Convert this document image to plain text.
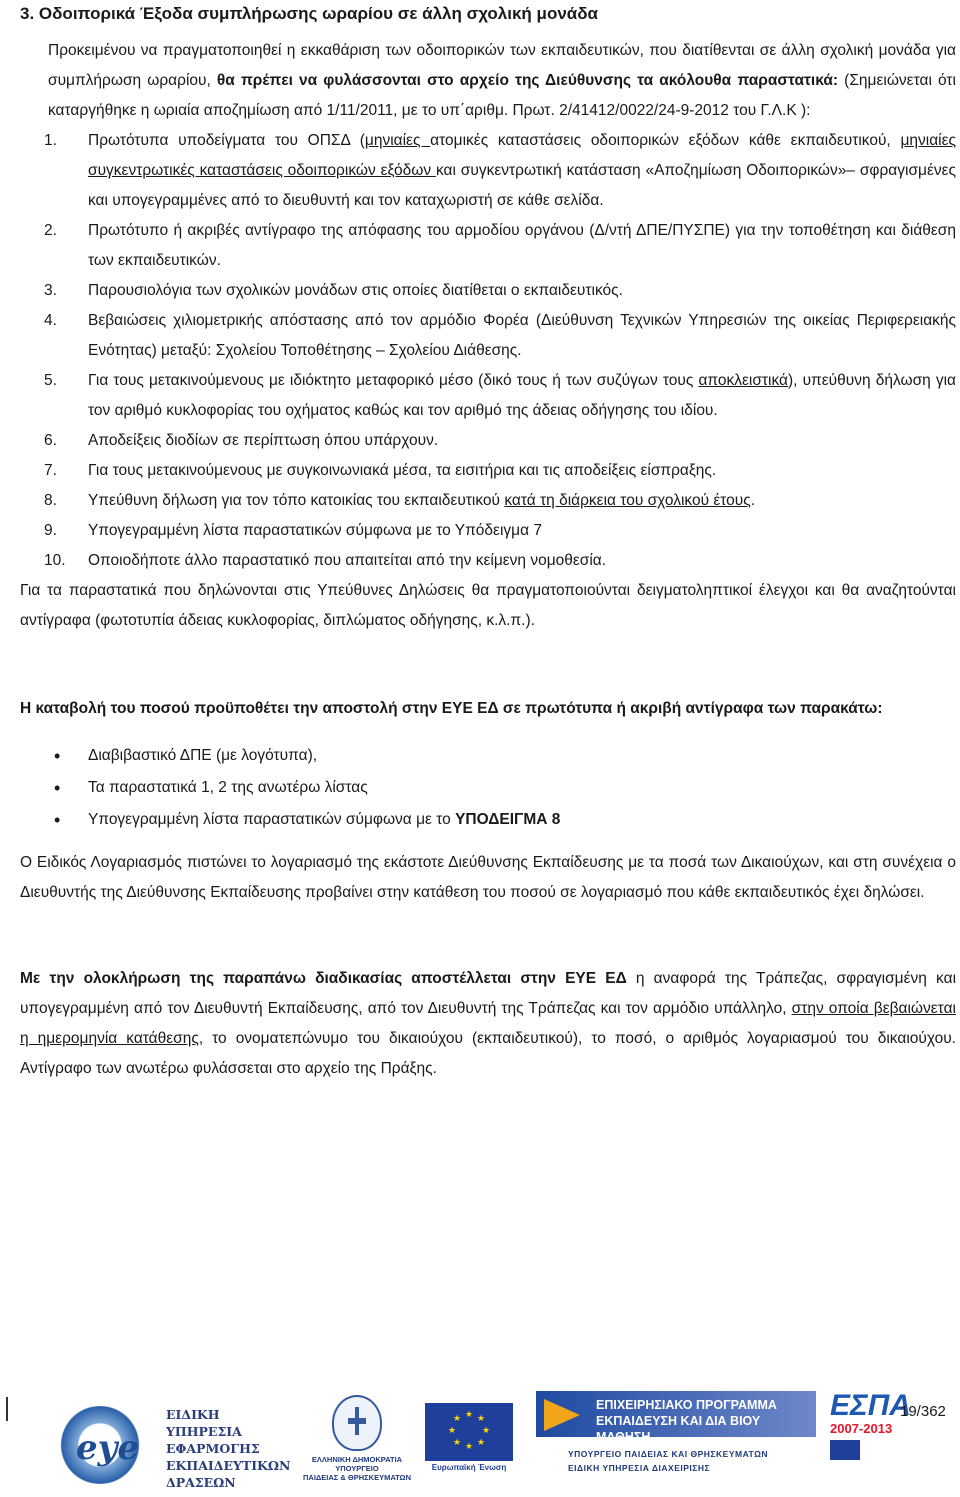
3. Οδοιπορικά Έξοδα συμπλήρωσης ωραρίου σε άλλη σχολική μονάδα
Προκειμένου να πραγματοποιηθεί η εκκαθάριση των οδοιπορικών των εκπαιδευτικών, που διατίθενται σε άλλη σχολική μονάδα για συμπλήρωση ωραρίου, θα πρέπει να φυλάσσονται στο αρχείο της Διεύθυνσης τα ακόλουθα παραστατικά: (Σημειώνεται ότι καταργήθηκε η ωριαία αποζημίωση από 1/11/2011, με το υπ΄αριθμ. Πρωτ. 2/41412/0022/24-9-2012 του Γ.Λ.Κ ):
1.	Πρωτότυπα υποδείγματα του ΟΠΣΔ (μηνιαίες ατομικές καταστάσεις οδοιπορικών εξόδων κάθε εκπαιδευτικού, μηνιαίες συγκεντρωτικές καταστάσεις οδοιπορικών εξόδων και συγκεντρωτική κατάσταση «Αποζημίωση Οδοιπορικών»– σφραγισμένες και υπογεγραμμένες από το διευθυντή και τον καταχωριστή σε κάθε σελίδα.
2.	Πρωτότυπο ή ακριβές αντίγραφο της απόφασης του αρμοδίου οργάνου (Δ/ντή ΔΠΕ/ΠΥΣΠΕ) για την τοποθέτηση και διάθεση των εκπαιδευτικών.
3.	Παρουσιολόγια των σχολικών μονάδων στις οποίες διατίθεται ο εκπαιδευτικός.
4.	Βεβαιώσεις χιλιομετρικής απόστασης από τον αρμόδιο Φορέα (Διεύθυνση Τεχνικών Υπηρεσιών της οικείας Περιφερειακής Ενότητας) μεταξύ: Σχολείου Τοποθέτησης – Σχολείου Διάθεσης.
5.	Για τους μετακινούμενους με ιδιόκτητο μεταφορικό μέσο (δικό τους ή των συζύγων τους αποκλειστικά), υπεύθυνη δήλωση για τον αριθμό κυκλοφορίας του οχήματος καθώς και τον αριθμό της άδειας οδήγησης του ιδίου.
6.	Αποδείξεις διοδίων σε περίπτωση όπου υπάρχουν.
7.	Για τους μετακινούμενους με συγκοινωνιακά μέσα, τα εισιτήρια και τις αποδείξεις είσπραξης.
8.	Υπεύθυνη δήλωση για τον τόπο κατοικίας του εκπαιδευτικού κατά τη διάρκεια του σχολικού έτους.
9.	Υπογεγραμμένη λίστα παραστατικών σύμφωνα με το Υπόδειγμα 7
10.	Οποιοδήποτε άλλο παραστατικό που απαιτείται από την κείμενη νομοθεσία.
Για τα παραστατικά που δηλώνονται στις Υπεύθυνες Δηλώσεις θα πραγματοποιούνται δειγματοληπτικοί έλεγχοι και θα αναζητούνται αντίγραφα (φωτοτυπία άδειας κυκλοφορίας, διπλώματος οδήγησης, κ.λ.π.).
Η καταβολή του ποσού προϋποθέτει την αποστολή στην ΕΥΕ ΕΔ σε πρωτότυπα ή ακριβή αντίγραφα των παρακάτω:
• Διαβιβαστικό ΔΠΕ (με λογότυπα),
• Τα παραστατικά 1, 2 της ανωτέρω λίστας
• Υπογεγραμμένη λίστα παραστατικών σύμφωνα με το ΥΠΟΔΕΙΓΜΑ 8
Ο Ειδικός Λογαριασμός πιστώνει το λογαριασμό της εκάστοτε Διεύθυνσης Εκπαίδευσης με τα ποσά των Δικαιούχων, και στη συνέχεια ο Διευθυντής της Διεύθυνσης Εκπαίδευσης προβαίνει στην κατάθεση του ποσού σε λογαριασμό που κάθε εκπαιδευτικός έχει δηλώσει.
Με την ολοκλήρωση της παραπάνω διαδικασίας αποστέλλεται στην ΕΥΕ ΕΔ η αναφορά της Τράπεζας, σφραγισμένη και υπογεγραμμένη από τον Διευθυντή Εκπαίδευσης, από τον Διευθυντή της Τράπεζας και τον αρμόδιο υπάλληλο, στην οποία βεβαιώνεται η ημερομηνία κατάθεσης, το ονοματεπώνυμο του δικαιούχου (εκπαιδευτικού), το ποσό, ο αριθμός λογαριασμού του δικαιούχου. Αντίγραφο των ανωτέρω φυλάσσεται στο αρχείο της Πράξης.
eye
ΕΙΔΙΚΗ
ΥΠΗΡΕΣΙΑ
ΕΦΑΡΜΟΓΗΣ
ΕΚΠΑΙΔΕΥΤΙΚΩΝ
ΔΡΑΣΕΩΝ
ΕΛΛΗΝΙΚΗ ΔΗΜΟΚΡΑΤΙΑ
ΥΠΟΥΡΓΕΙΟ
ΠΑΙΔΕΙΑΣ & ΘΡΗΣΚΕΥΜΑΤΩΝ
★ ★
★
★
★
★
★
★
Ευρωπαϊκή Ένωση
ΕΠΙΧΕΙΡΗΣΙΑΚΟ ΠΡΟΓΡΑΜΜΑ
ΕΚΠΑΙΔΕΥΣΗ ΚΑΙ ΔΙΑ ΒΙΟΥ ΜΑΘΗΣΗ
ΥΠΟΥΡΓΕΙΟ ΠΑΙΔΕΙΑΣ ΚΑΙ ΘΡΗΣΚΕΥΜΑΤΩΝ
ΕΙΔΙΚΗ ΥΠΗΡΕΣΙΑ ΔΙΑΧΕΙΡΙΣΗΣ
ΕΣΠΑ
2007-2013
19/362
